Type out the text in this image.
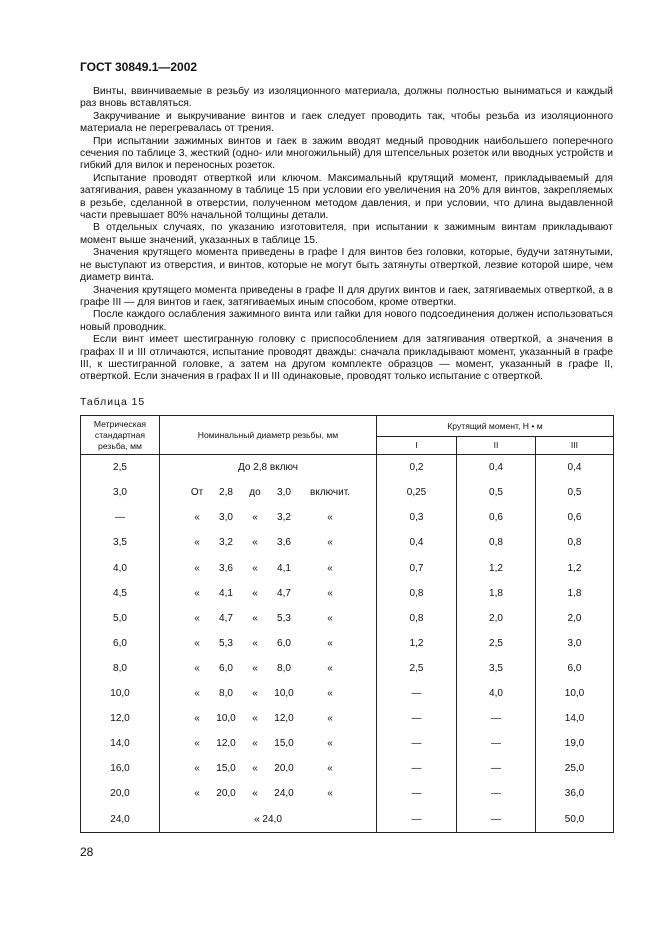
ГОСТ 30849.1—2002

Винты, ввинчиваемые в резьбу из изоляционного материала, должны полностью выниматься и каждый раз вновь вставляться.

Закручивание и выкручивание винтов и гаек следует проводить так, чтобы резьба из изоляционного материала не перегревалась от трения.

При испытании зажимных винтов и гаек в зажим вводят медный проводник наибольшего поперечного сечения по таблице 3, жесткий (одно- или многожильный) для штепсельных розеток или вводных устройств и гибкий для вилок и переносных розеток.

Испытание проводят отверткой или ключом. Максимальный крутящий момент, прикладываемый для затягивания, равен указанному в таблице 15 при условии его увеличения на 20% для винтов, закрепляемых в резьбе, сделанной в отверстии, полученном методом давления, и при условии, что длина выдавленной части превышает 80% начальной толщины детали.

В отдельных случаях, по указанию изготовителя, при испытании к зажимным винтам прикладывают момент выше значений, указанных в таблице 15.

Значения крутящего момента приведены в графе I для винтов без головки, которые, будучи затянутыми, не выступают из отверстия, и винтов, которые не могут быть затянуты отверткой, лезвие которой шире, чем диаметр винта.

Значения крутящего момента приведены в графе II для других винтов и гаек, затягиваемых отверткой, а в графе III — для винтов и гаек, затягиваемых иным способом, кроме отвертки.

После каждого ослабления зажимного винта или гайки для нового подсоединения должен использоваться новый проводник.

Если винт имеет шестигранную головку с приспособлением для затягивания отверткой, а значения в графах II и III отличаются, испытание проводят дважды: сначала прикладывают момент, указанный в графе III, к шестигранной головке, а затем на другом комплекте образцов — момент, указанный в графе II, отверткой. Если значения в графах II и III одинаковые, проводят только испытание с отверткой.

Таблица 15
Метрическая стандартная резьба, мм	Номинальный диаметр резьбы, мм	Крутящий момент, Н • м		
		I	II	III
2,5	До 2,8 включ	0,2	0,4	0,4
3,0	От 2,8 до 3,0 включит.	0,25	0,5	0,5
—	« 3,0 « 3,2 «	0,3	0,6	0,6
3,5	« 3,2 « 3,6 «	0,4	0,8	0,8
4,0	« 3,6 « 4,1 «	0,7	1,2	1,2
4,5	« 4,1 « 4,7 «	0,8	1,8	1,8
5,0	« 4,7 « 5,3 «	0,8	2,0	2,0
6,0	« 5,3 « 6,0 «	1,2	2,5	3,0
8,0	« 6,0 « 8,0 «	2,5	3,5	6,0
10,0	« 8,0 « 10,0 «	—	4,0	10,0
12,0	« 10,0 « 12,0 «	—	—	14,0
14,0	« 12,0 « 15,0 «	—	—	19,0
16,0	« 15,0 « 20,0 «	—	—	25,0
20,0	« 20,0 « 24,0 «	—	—	36,0
24,0	« 24,0	—	—	50,0
28
